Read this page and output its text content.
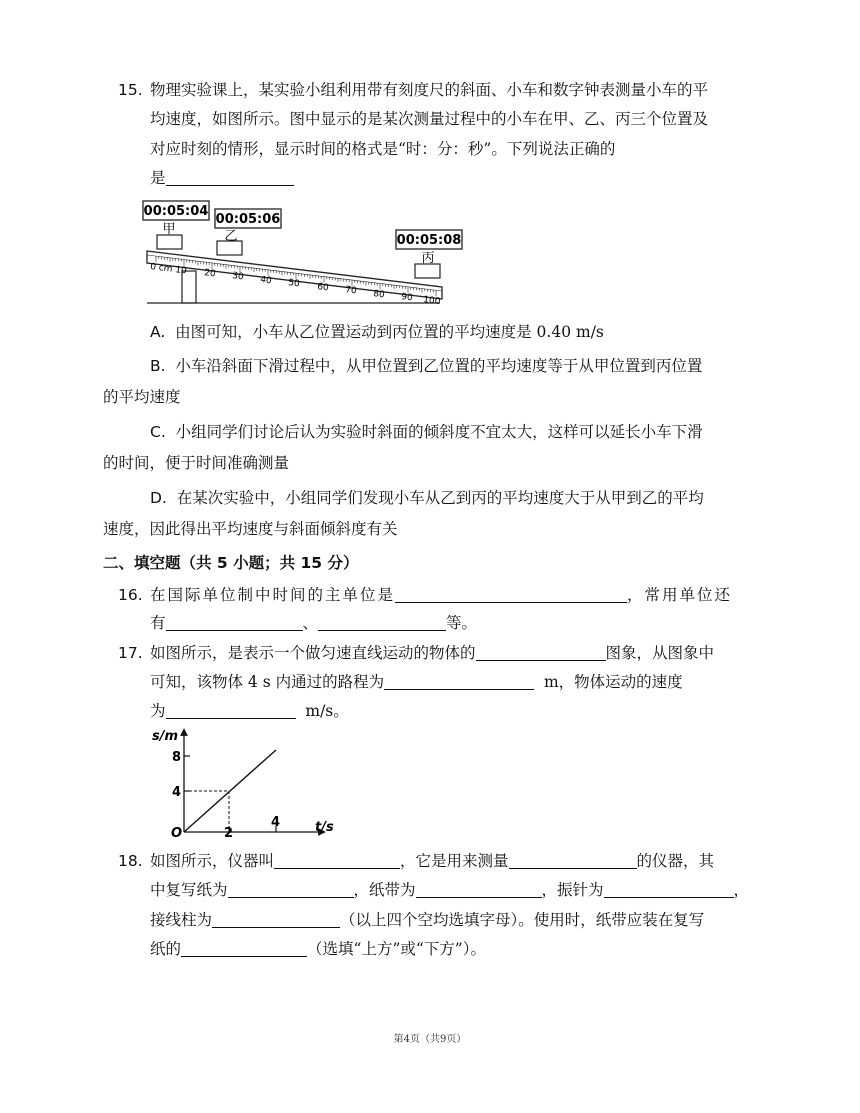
15. 物理实验课上，某实验小组利用带有刻度尺的斜面、小车和数字钟表测量小车的平
均速度，如图所示。图中显示的是某次测量过程中的小车在甲、乙、丙三个位置及
对应时刻的情形，显示时间的格式是“时：分：秒”。下列说法正确的
是
0 cm 10 20 30 40 50 60 70 80 90 100
00:05:04
00:05:06
00:05:08
甲	乙
丙
A. 由图可知，小车从乙位置运动到丙位置的平均速度是 0.40 m/s
B. 小车沿斜面下滑过程中，从甲位置到乙位置的平均速度等于从甲位置到丙位置
的平均速度
C. 小组同学们讨论后认为实验时斜面的倾斜度不宜太大，这样可以延长小车下滑
的时间，便于时间准确测量
D. 在某次实验中，小组同学们发现小车从乙到丙的平均速度大于从甲到乙的平均
速度，因此得出平均速度与斜面倾斜度有关
二、填空题（共 5 小题；共 15 分）
16. 在国际单位制中时间的主单位是	，常用单位还
有	、	等。
17. 如图所示，是表示一个做匀速直线运动的物体的	图象，从图象中
可知，该物体 4 s 内通过的路程为	m，物体运动的速度
为	m/s。
s/m
t/s
O
8
4
2
4
18. 如图所示，仪器叫	，它是用来测量	的仪器，其
中复写纸为	，纸带为	，振针为	，
接线柱为	（以上四个空均选填字母）。使用时，纸带应装在复写
纸的	（选填“上方”或“下方”）。
第4页（共9页）
